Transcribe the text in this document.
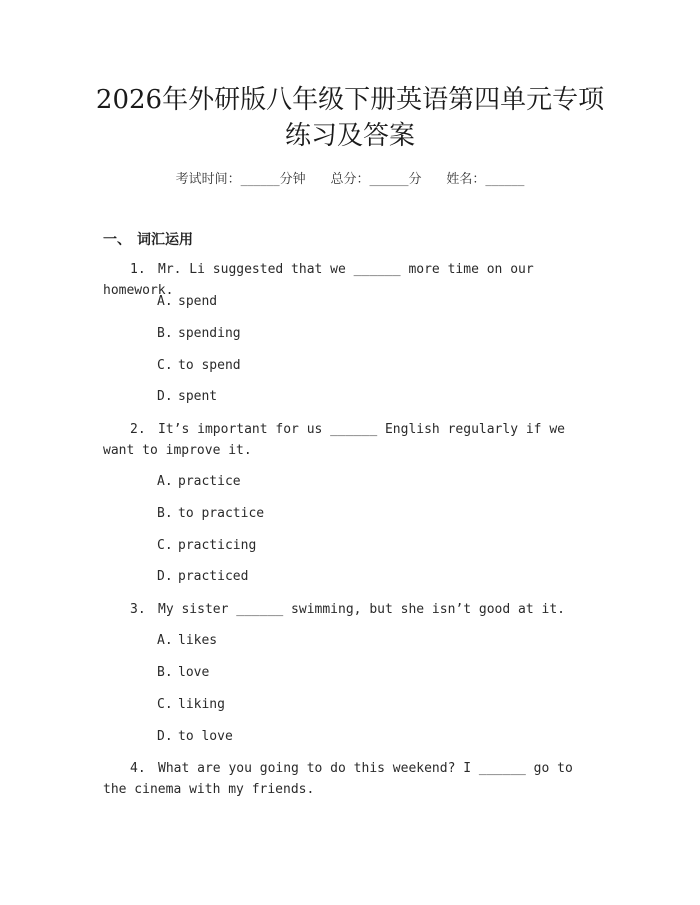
2026年外研版八年级下册英语第四单元专项
练习及答案
考试时间：______分钟 总分：______分 姓名：______
一、 词汇运用
1. Mr. Li suggested that we ______ more time on our homework.
A. spend
B. spending
C. to spend
D. spent
2. It’s important for us ______ English regularly if we want to improve it.
A. practice
B. to practice
C. practicing
D. practiced
3. My sister ______ swimming, but she isn’t good at it.
A. likes
B. love
C. liking
D. to love
4. What are you going to do this weekend? I ______ go to the cinema with my friends.
